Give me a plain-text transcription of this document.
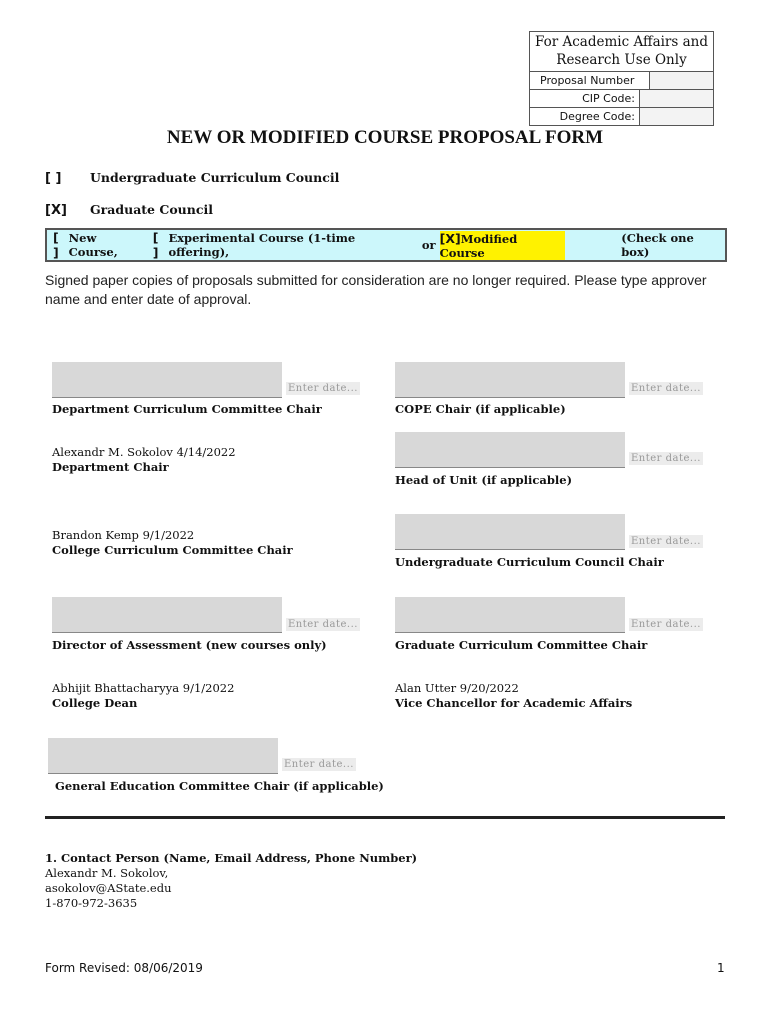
For Academic Affairs and Research Use Only
Proposal Number
CIP Code:
Degree Code:
NEW OR MODIFIED COURSE PROPOSAL FORM
[ ] Undergraduate Curriculum Council
[X] Graduate Council
[ ]
New Course,

[ ]
Experimental Course (1-time offering),
	or
[X]Modified Course
(Check one box)
Signed paper copies of proposals submitted for consideration are no longer required. Please type approver name and enter date of approval.
Enter date...
Department Curriculum Committee Chair
Enter date...
COPE Chair (if applicable)
Alexandr M. Sokolov 4/14/2022
Department Chair
Enter date...
Head of Unit (if applicable)
Brandon Kemp 9/1/2022
College Curriculum Committee Chair
Enter date...
Undergraduate Curriculum Council Chair
Enter date...
Director of Assessment (new courses only)
Enter date...
Graduate Curriculum Committee Chair
Abhijit Bhattacharyya 9/1/2022
College Dean
Alan Utter 9/20/2022
Vice Chancellor for Academic Affairs
Enter date...
General Education Committee Chair (if applicable)
1. Contact Person (Name, Email Address, Phone Number)
Alexandr M. Sokolov,
asokolov@AState.edu
1-870-972-3635
Form Revised: 08/06/2019	1
